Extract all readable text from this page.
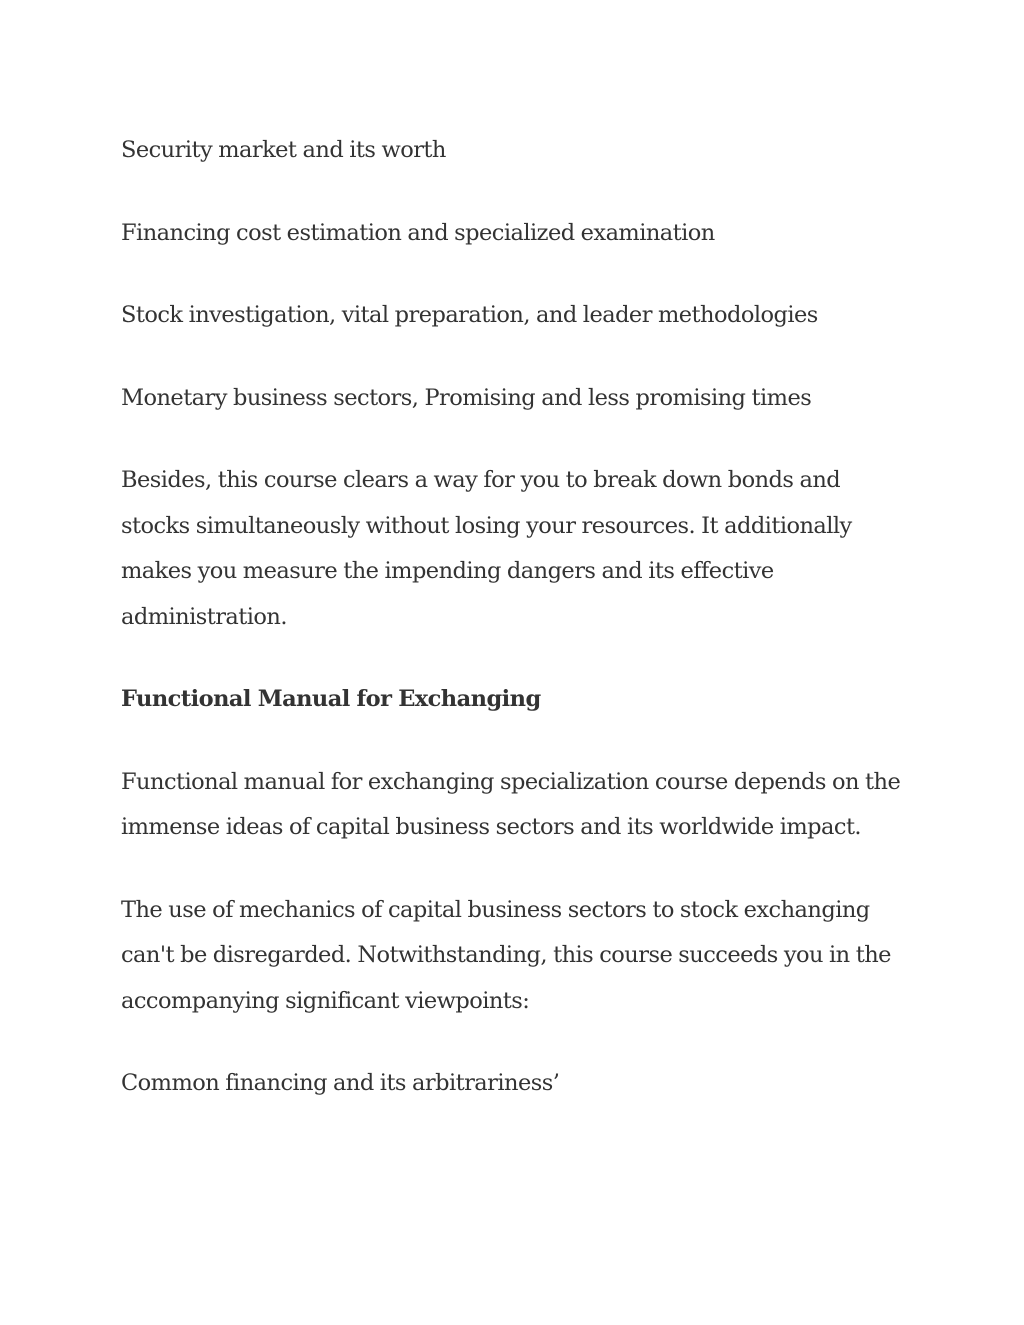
Security market and its worth

Financing cost estimation and specialized examination

Stock investigation, vital preparation, and leader methodologies

Monetary business sectors, Promising and less promising times

Besides, this course clears a way for you to break down bonds and stocks simultaneously without losing your resources. It additionally makes you measure the impending dangers and its effective administration.

Functional Manual for Exchanging

Functional manual for exchanging specialization course depends on the immense ideas of capital business sectors and its worldwide impact.

The use of mechanics of capital business sectors to stock exchanging can't be disregarded. Notwithstanding, this course succeeds you in the accompanying significant viewpoints:

Common financing and its arbitrariness’
